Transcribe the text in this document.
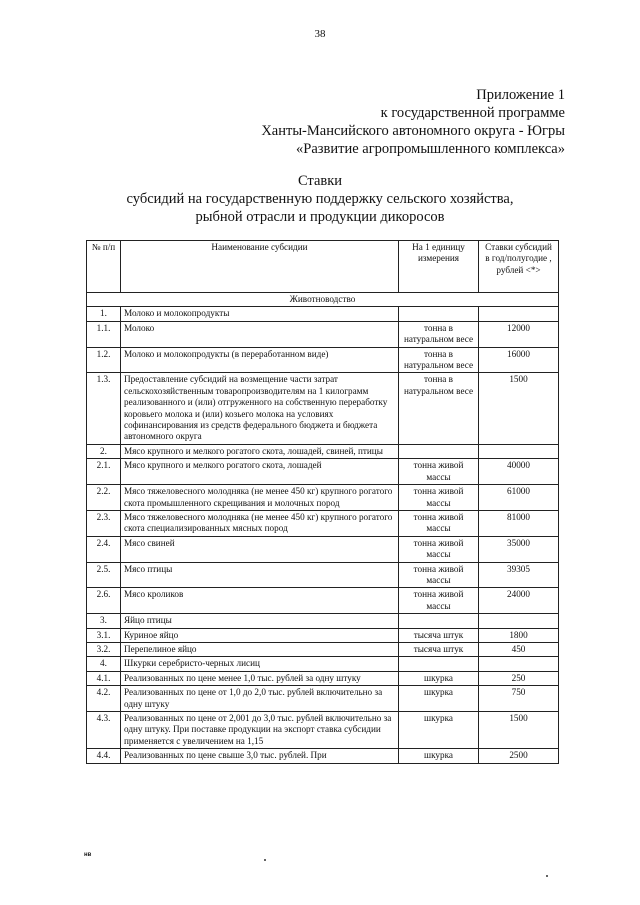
38
Приложение 1
к государственной программе
Ханты-Мансийского автономного округа - Югры
«Развитие агропромышленного комплекса»
Ставки
субсидий на государственную поддержку сельского хозяйства,
рыбной отрасли и продукции дикоросов
№ п/п	Наименование субсидии	На 1 единицу измерения	Ставки субсидий в год/полугодие , рублей <*>
Животноводство			
1.	Молоко и молокопродукты		
1.1.	Молоко	тонна в натуральном весе	12000
1.2.	Молоко и молокопродукты (в переработанном виде)	тонна в натуральном весе	16000
1.3.	Предоставление субсидий на возмещение части затрат сельскохозяйственным товаропроизводителям на 1 килограмм реализованного и (или) отгруженного на собственную переработку коровьего молока и (или) козьего молока на условиях софинансирования из средств федерального бюджета и бюджета автономного округа	тонна в натуральном весе	1500
2.	Мясо крупного и мелкого рогатого скота, лошадей, свиней, птицы		
2.1.	Мясо крупного и мелкого рогатого скота, лошадей	тонна живой массы	40000
2.2.	Мясо тяжеловесного молодняка (не менее 450 кг) крупного рогатого скота промышленного скрещивания и молочных пород	тонна живой массы	61000
2.3.	Мясо тяжеловесного молодняка (не менее 450 кг) крупного рогатого скота специализированных мясных пород	тонна живой массы	81000
2.4.	Мясо свиней	тонна живой массы	35000
2.5.	Мясо птицы	тонна живой массы	39305
2.6.	Мясо кроликов	тонна живой массы	24000
3.	Яйцо птицы		
3.1.	Куриное яйцо	тысяча штук	1800
3.2.	Перепелиное яйцо	тысяча штук	450
4.	Шкурки серебристо-черных лисиц		
4.1.	Реализованных по цене менее 1,0 тыс. рублей за одну штуку	шкурка	250
4.2.	Реализованных по цене от 1,0 до 2,0 тыс. рублей включительно за одну штуку	шкурка	750
4.3.	Реализованных по цене от 2,001 до 3,0 тыс. рублей включительно за одну штуку. При поставке продукции на экспорт ставка субсидии применяется с увеличением на 1,15	шкурка	1500
4.4.	Реализованных по цене свыше 3,0 тыс. рублей. При	шкурка	2500
нв
